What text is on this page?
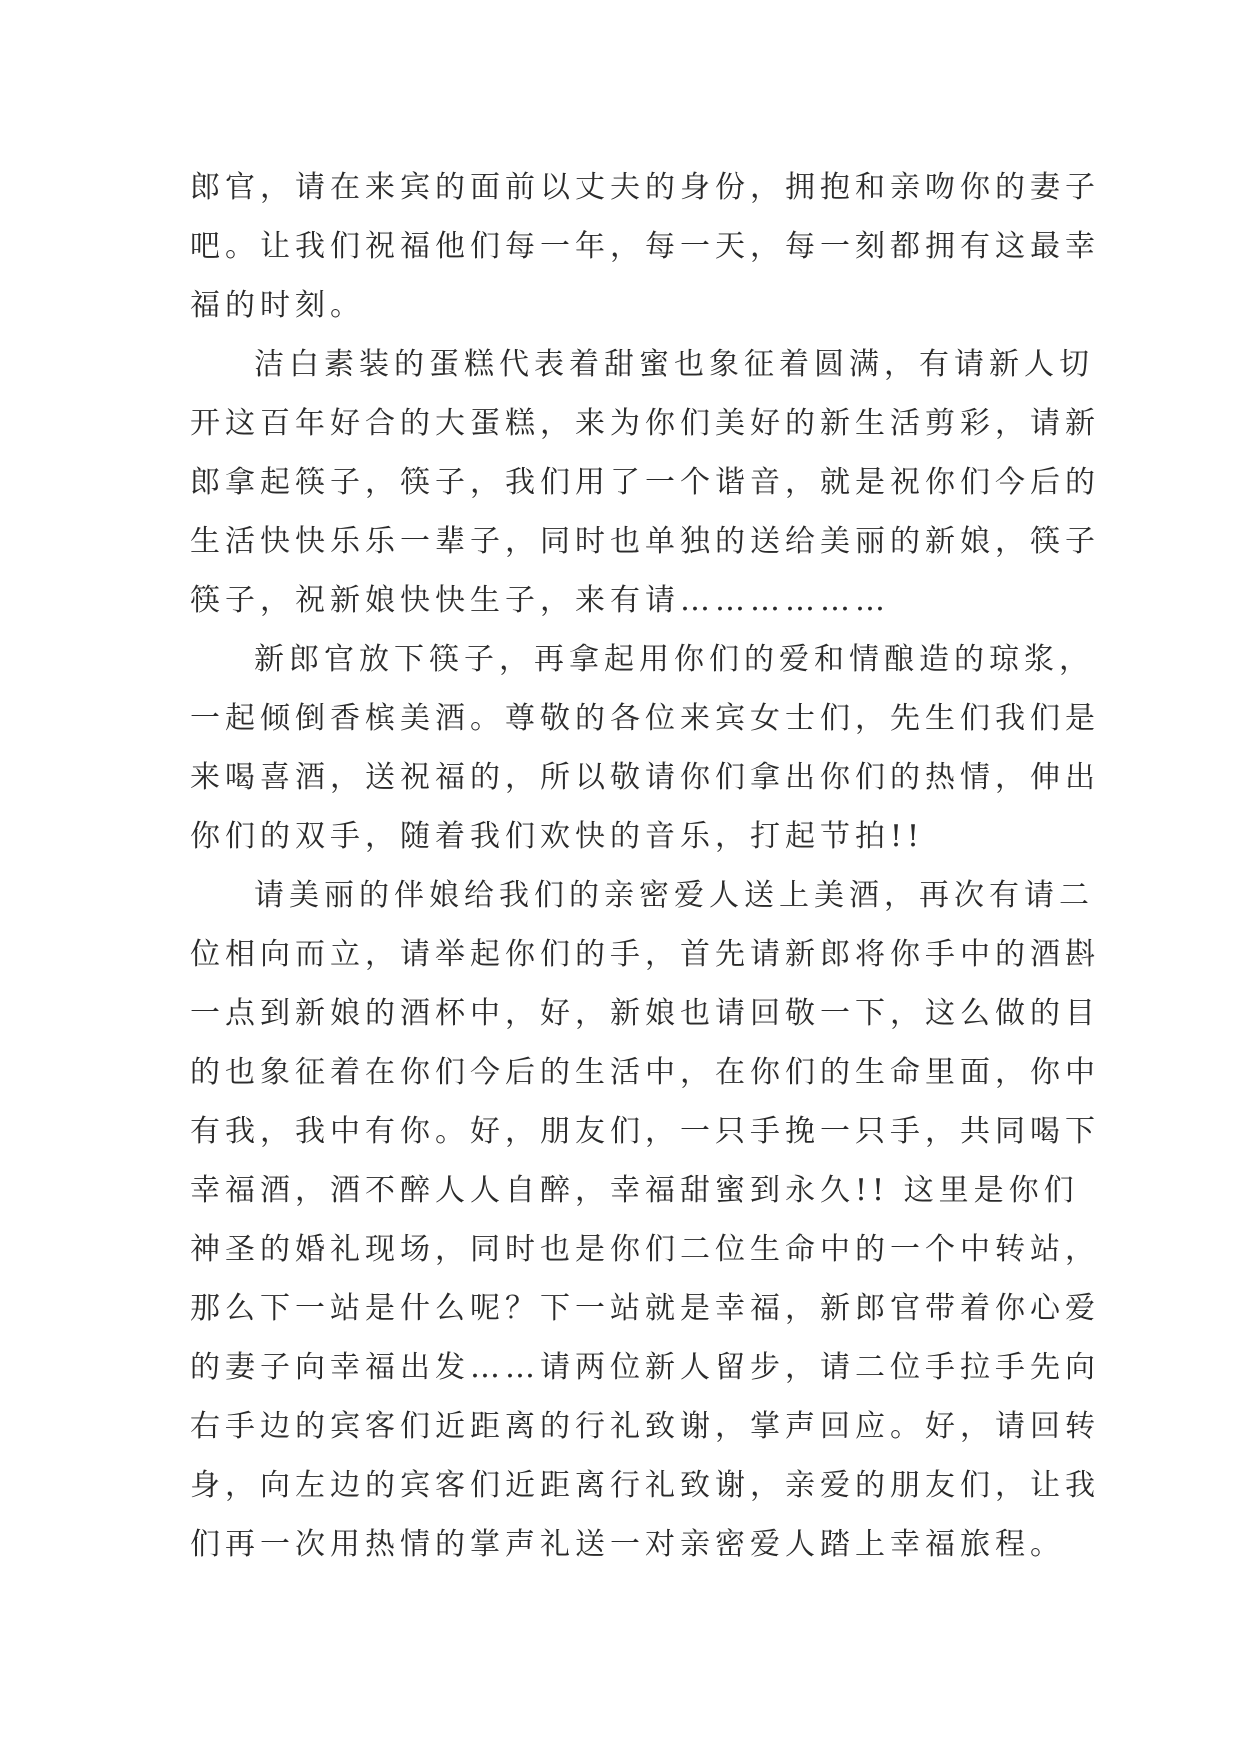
郎官，请在来宾的面前以丈夫的身份，拥抱和亲吻你的妻子
吧。让我们祝福他们每一年，每一天，每一刻都拥有这最幸
福的时刻。
洁白素装的蛋糕代表着甜蜜也象征着圆满，有请新人切
开这百年好合的大蛋糕，来为你们美好的新生活剪彩，请新
郎拿起筷子，筷子，我们用了一个谐音，就是祝你们今后的
生活快快乐乐一辈子，同时也单独的送给美丽的新娘，筷子
筷子，祝新娘快快生子，来有请………………
新郎官放下筷子，再拿起用你们的爱和情酿造的琼浆，
一起倾倒香槟美酒。尊敬的各位来宾女士们，先生们我们是
来喝喜酒，送祝福的，所以敬请你们拿出你们的热情，伸出
你们的双手，随着我们欢快的音乐，打起节拍!!
请美丽的伴娘给我们的亲密爱人送上美酒，再次有请二
位相向而立，请举起你们的手，首先请新郎将你手中的酒斟
一点到新娘的酒杯中，好，新娘也请回敬一下，这么做的目
的也象征着在你们今后的生活中，在你们的生命里面，你中
有我，我中有你。好，朋友们，一只手挽一只手，共同喝下
幸福酒，酒不醉人人自醉，幸福甜蜜到永久!! 这里是你们
神圣的婚礼现场，同时也是你们二位生命中的一个中转站，
那么下一站是什么呢？下一站就是幸福，新郎官带着你心爱
的妻子向幸福出发……请两位新人留步，请二位手拉手先向
右手边的宾客们近距离的行礼致谢，掌声回应。好，请回转
身，向左边的宾客们近距离行礼致谢，亲爱的朋友们，让我
们再一次用热情的掌声礼送一对亲密爱人踏上幸福旅程。
